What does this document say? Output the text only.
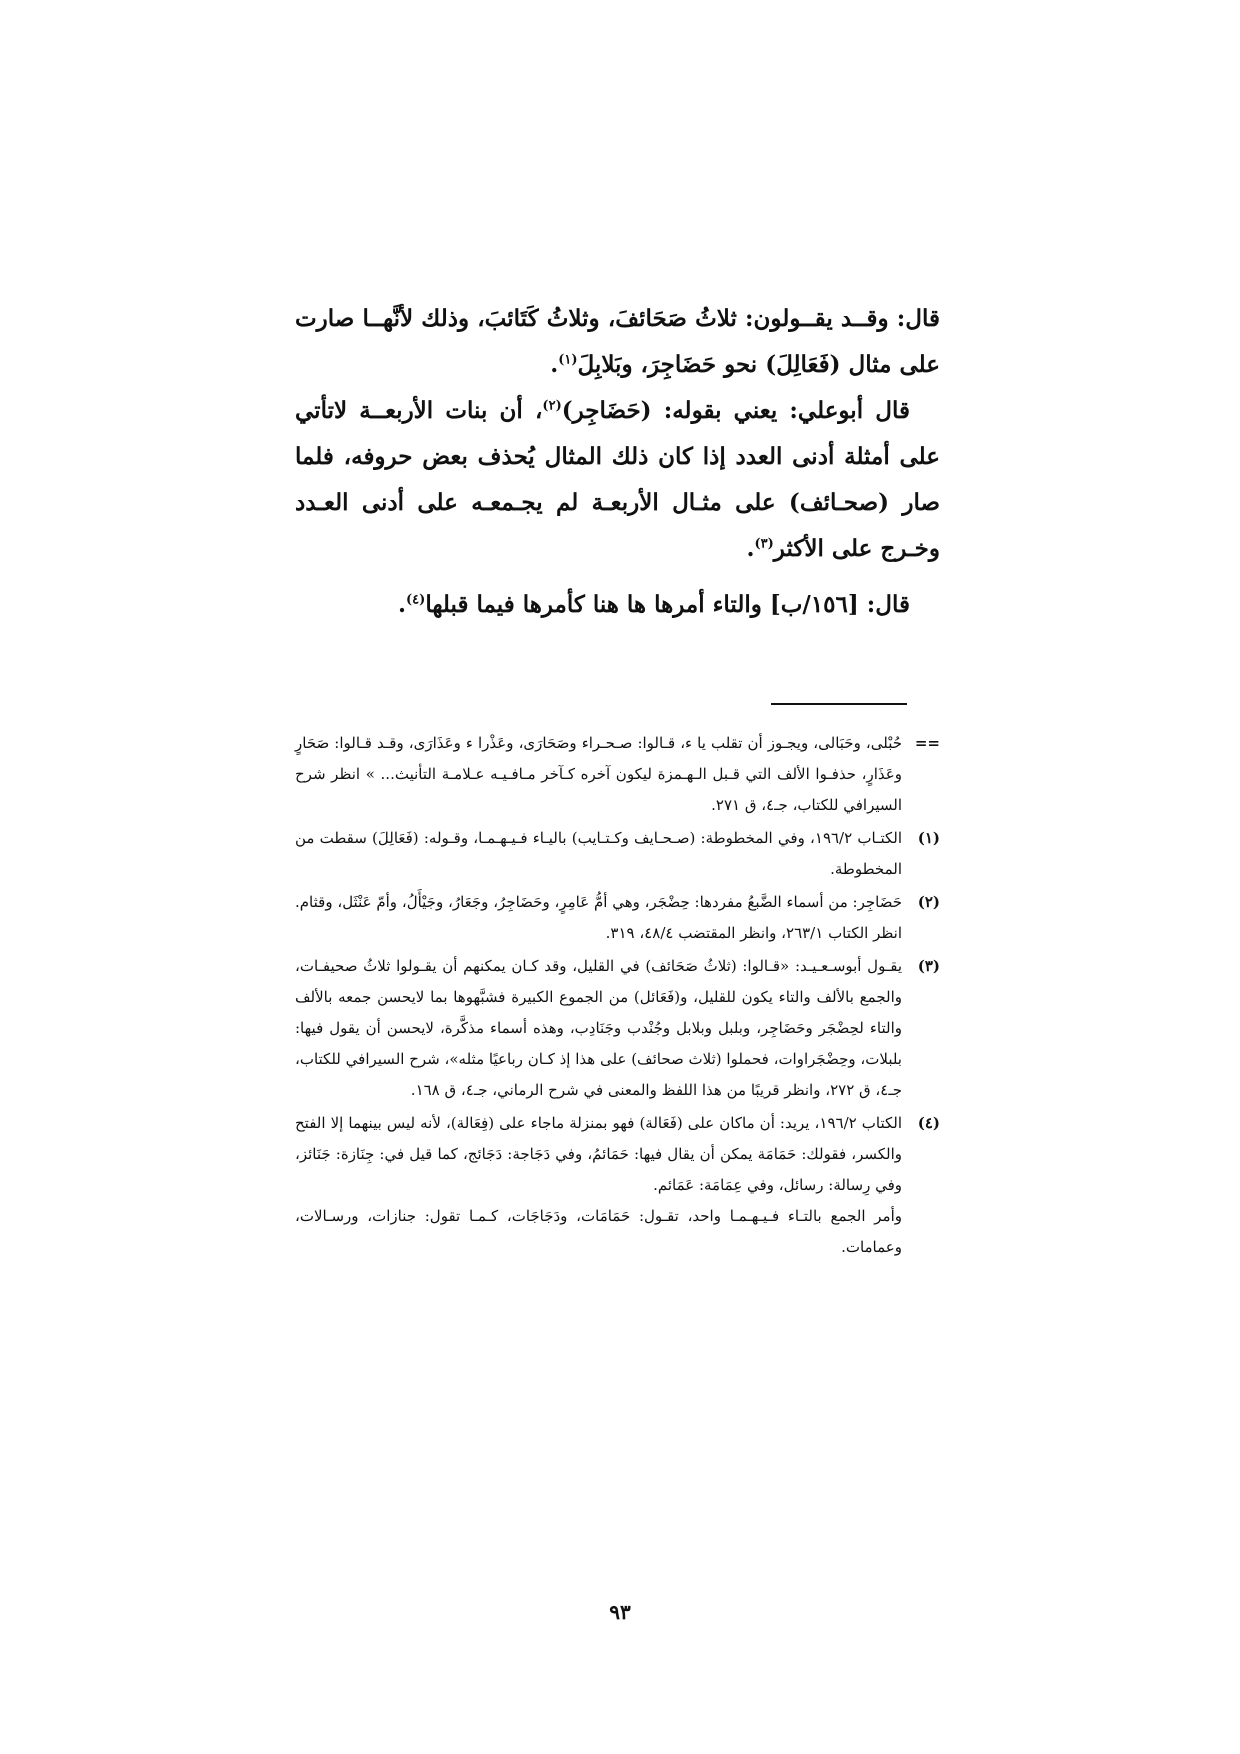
قال: وقــد يقــولون: ثلاثُ صَحَائفَ، وثلاثُ كَتَائبَ، وذلك لأنَّهــا صارت على مثال (فَعَالِلَ) نحو حَضَاجِرَ، وبَلابِلَ$^{(١)}$.

قال أبوعلي: يعني بقوله: (حَضَاجِر)$^{(٢)}$، أن بنات الأربعــة لاتأتي على أمثلة أدنى العدد إذا كان ذلك المثال يُحذف بعض حروفه، فلما صار (صحـائف) على مثـال الأربعـة لم يجـمعـه على أدنى العـدد وخـرج على الأكثر$^{(٣)}$.

قال: [١٥٦/ب] والتاء أمرها ها هنا كأمرها فيما قبلها$^{(٤)}$.

==
حُبْلى، وحَبَالى، ويجـوز أن تقلب يا ء، قـالوا: صـحـراء وصَحَارَى، وعَذْرا ء وعَذَارَى، وقـد قـالوا: صَحَارٍ وعَذَارٍ، حذفـوا الألف التي قـبل الـهـمزة ليكون آخره كـآخر مـافـيـه عـلامـة التأنيث... » انظر شرح السيرافي للكتاب، جـ٤، ق ٢٧١.
(١)
الكتـاب ١٩٦/٢، وفي المخطوطة: (صـحـايف وكـتـايب) باليـاء فـيـهـمـا، وقـوله: (فَعَالِلَ) سقطت من المخطوطة.
(٢)
حَضَاجِر: من أسماء الضَّبعُ مفردها: حِضْجَر، وهي أمُّ عَامِرٍ، وحَضَاجِرُ، وجَعَارُ، وجَيْأَلُ، وأمّ عَنْثَل، وقثام. انظر الكتاب ٢٦٣/١، وانظر المقتضب ٤٨/٤، ٣١٩.
(٣)
يقـول أبوسـعـيـد: «قـالوا: (ثلاثُ صَحَائف) في القليل، وقد كـان يمكنهم أن يقـولوا ثلاثُ صحيفـات، والجمع بالألف والتاء يكون للقليل، و(فَعَائل) من الجموع الكبيرة فشبَّهوها بما لايحسن جمعه بالألف والتاء لحِضْجَر وحَضَاجِر، وبلبل وبلابل وجُنْدب وجَنَادِب، وهذه أسماء مذكَّرة، لايحسن أن يقول فيها: بلبلات، وحِضْجَراوات، فحملوا (ثلاث صحائف) على هذا إذ كـان رباعيًا مثله»، شرح السيرافي للكتاب، جـ٤، ق ٢٧٢، وانظر قريبًا من هذا اللفظ والمعنى في شرح الرماني، جـ٤، ق ١٦٨.
(٤)
الكتاب ١٩٦/٢، يريد: أن ماكان على (فَعَالة) فهو بمنزلة ماجاء على (فِعَالة)، لأنه ليس بينهما إلا الفتح والكسر، فقولك: حَمَامَة يمكن أن يقال فيها: حَمَائمُ، وفي دَجَاجة: دَجَائج، كما قيل في: جِنَازة: جَنَائز، وفي رِسالة: رسائل، وفي عِمَامَة: عَمَائم.
وأمر الجمع بالتـاء فـيـهـمـا واحد، تقـول: حَمَامَات، ودَجَاجَات، كـمـا تقول: جنازات، ورسـالات، وعمامات.
٩٣
